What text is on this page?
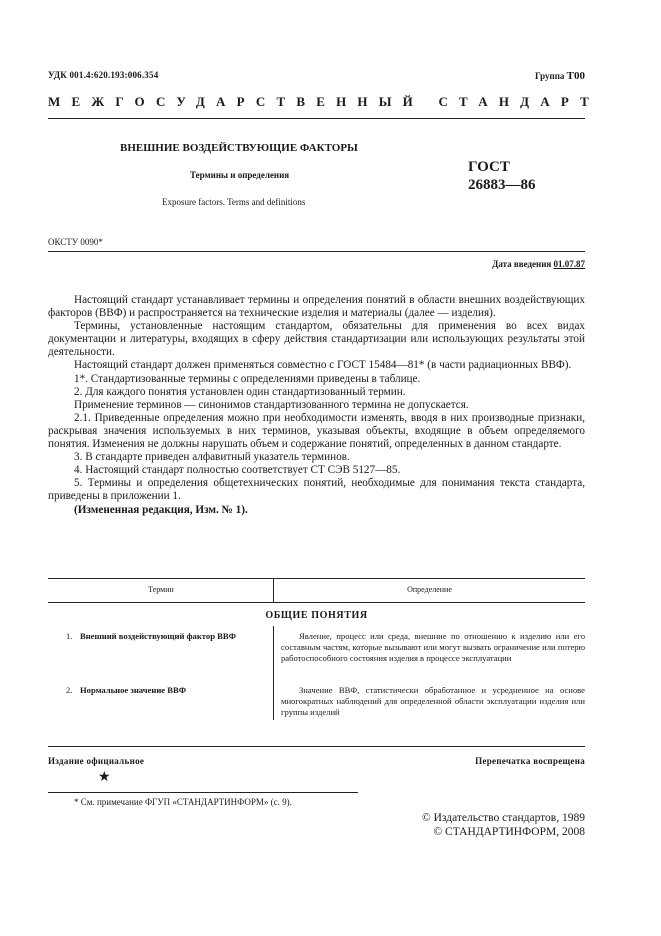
УДК 001.4:620.193:006.354	Группа Т00
МЕЖГОСУДАРСТВЕННЫЙ СТАНДАРТ
ВНЕШНИЕ ВОЗДЕЙСТВУЮЩИЕ ФАКТОРЫ
Термины и определения
Exposure factors. Terms and definitions
ГОСТ
26883—86
ОКСТУ 0090*
Дата введения 01.07.87

Настоящий стандарт устанавливает термины и определения понятий в области внешних воздействующих факторов (ВВФ) и распространяется на технические изделия и материалы (далее — изделия).

Термины, установленные настоящим стандартом, обязательны для применения во всех видах документации и литературы, входящих в сферу действия стандартизации или использующих результаты этой деятельности.

Настоящий стандарт должен применяться совместно с ГОСТ 15484—81* (в части радиационных ВВФ).

1*. Стандартизованные термины с определениями приведены в таблице.

2. Для каждого понятия установлен один стандартизованный термин.

Применение терминов — синонимов стандартизованного термина не допускается.

2.1. Приведенные определения можно при необходимости изменять, вводя в них производные признаки, раскрывая значения используемых в них терминов, указывая объекты, входящие в объем определяемого понятия. Изменения не должны нарушать объем и содержание понятий, определенных в данном стандарте.

3. В стандарте приведен алфавитный указатель терминов.

4. Настоящий стандарт полностью соответствует СТ СЭВ 5127—85.

5. Термины и определения общетехнических понятий, необходимые для понимания текста стандарта, приведены в приложении 1.

(Измененная редакция, Изм. № 1).

Термин	Определение
ОБЩИЕ ПОНЯТИЯ
1. Внешний воздействующий фактор ВВФ	Явление, процесс или среда, внешние по отношению к изделию или его составным частям, которые вызывают или могут вызвать ограничение или потерю работоспособного состояния изделия в процессе эксплуатации
2. Нормальное значение ВВФ	Значение ВВФ, статистически обработанное и усредненное на основе многократных наблюдений для определенной области эксплуатации изделия или группы изделий
Издание официальное
★
Перепечатка воспрещена
* См. примечание ФГУП «СТАНДАРТИНФОРМ» (с. 9).
© Издательство стандартов, 1989
© СТАНДАРТИНФОРМ, 2008
